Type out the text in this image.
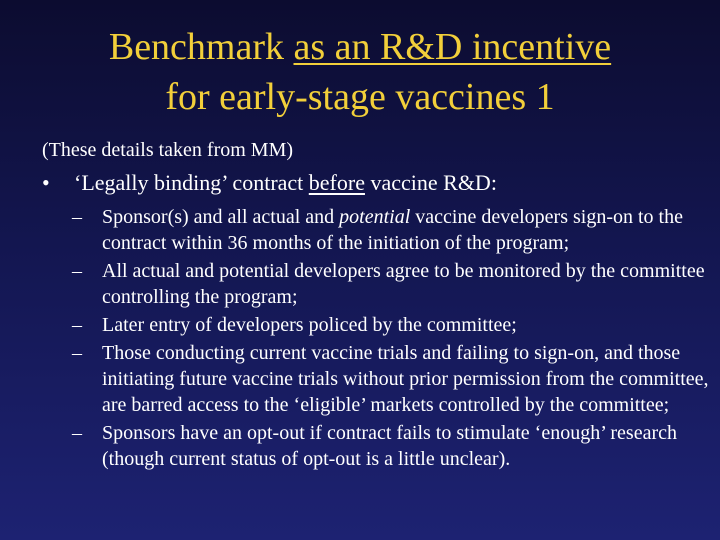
Benchmark as an R&D incentive
for early-stage vaccines 1
(These details taken from MM)
• ‘Legally binding’ contract before vaccine R&D:
– Sponsor(s) and all actual and potential vaccine developers sign-on to the contract within 36 months of the initiation of the program;
– All actual and potential developers agree to be monitored by the committee controlling the program;
– Later entry of developers policed by the committee;
– Those conducting current vaccine trials and failing to sign-on, and those initiating future vaccine trials without prior permission from the committee, are barred access to the ‘eligible’ markets controlled by the committee;
– Sponsors have an opt-out if contract fails to stimulate ‘enough’ research (though current status of opt-out is a little unclear).
